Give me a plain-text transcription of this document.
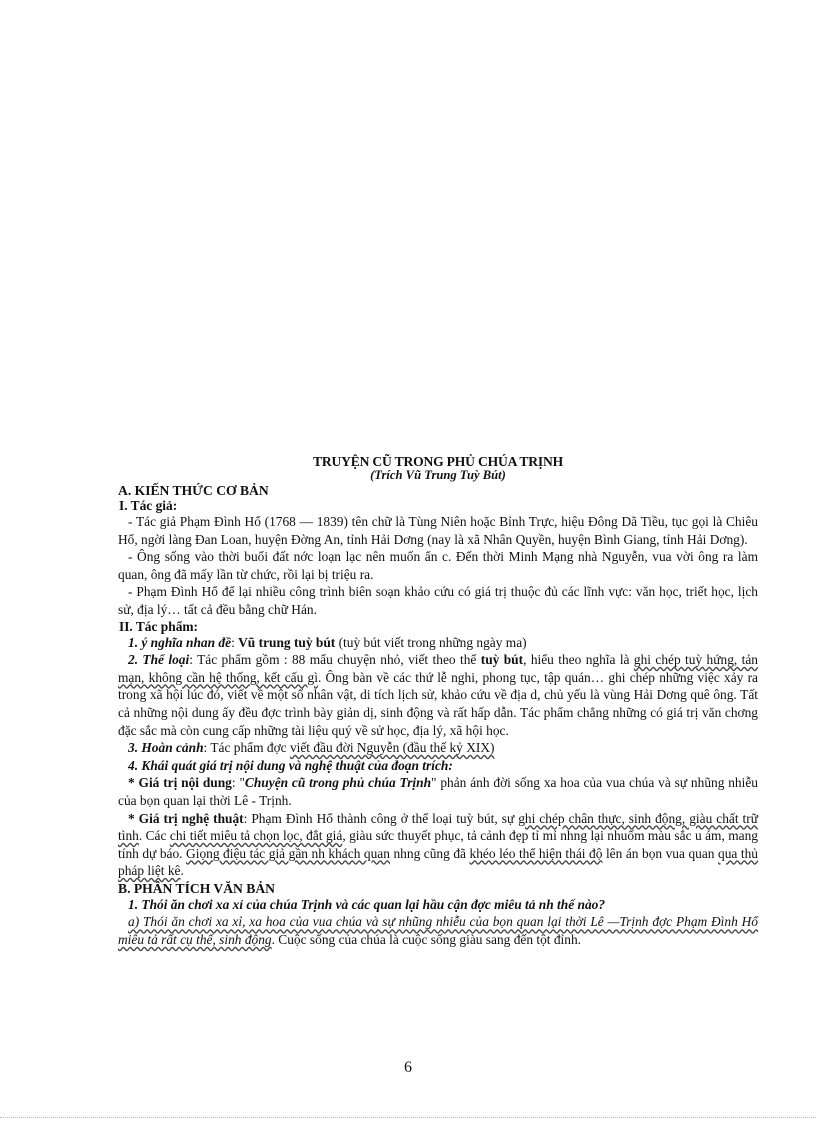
TRUYỆN CŨ TRONG PHỦ CHÚA TRỊNH

(Trích Vũ Trung Tuỳ Bút)

A. KIẾN THỨC CƠ BẢN

I. Tác giả:

- Tác giả Phạm Đình Hổ (1768 — 1839) tên chữ là Tùng Niên hoặc Bỉnh Trực, hiệu Đông Dã Tiều, tục gọi là Chiêu Hổ, ngời làng Đan Loan, huyện Đờng An, tỉnh Hải Dơng (nay là xã Nhân Quyền, huyện Bình Giang, tỉnh Hải Dơng).

- Ông sống vào thời buổi đất nớc loạn lạc nên muốn ẩn c. Đến thời Minh Mạng nhà Nguyễn, vua vời ông ra làm quan, ông đã mấy lần từ chức, rồi lại bị triệu ra.

- Phạm Đình Hổ để lại nhiều công trình biên soạn khảo cứu có giá trị thuộc đủ các lĩnh vực: văn học, triết học, lịch sử, địa lý… tất cả đều bằng chữ Hán.

II. Tác phẩm:

1. ý nghĩa nhan đề: Vũ trung tuỳ bút (tuỳ bút viết trong những ngày ma)

2. Thể loại: Tác phẩm gồm : 88 mẩu chuyện nhỏ, viết theo thể tuỳ bút, hiểu theo nghĩa là ghi chép tuỳ hứng, tản mạn, không cần hệ thống, kết cấu gì. Ông bàn về các thứ lễ nghi, phong tục, tập quán… ghi chép những việc xảy ra trong xã hội lúc đó, viết về một số nhân vật, di tích lịch sử, khảo cứu về địa d, chủ yếu là vùng Hải Dơng quê ông. Tất cả những nội dung ấy đều đợc trình bày giản dị, sinh động và rất hấp dẫn. Tác phẩm chẳng những có giá trị văn chơng đặc sắc mà còn cung cấp những tài liệu quý về sử học, địa lý, xã hội học.

3. Hoàn cảnh: Tác phẩm đợc viết đầu đời Nguyễn (đầu thế kỷ XIX)

4. Khái quát giá trị nội dung và nghệ thuật của đoạn trích:

* Giá trị nội dung: "Chuyện cũ trong phủ chúa Trịnh" phản ánh đời sống xa hoa của vua chúa và sự nhũng nhiễu của bọn quan lại thời Lê - Trịnh.

* Giá trị nghệ thuật: Phạm Đình Hổ thành công ở thể loại tuỳ bút, sự ghi chép chân thực, sinh động, giàu chất trữ tình. Các chi tiết miêu tả chọn lọc, đắt giá, giàu sức thuyết phục, tả cảnh đẹp tỉ mỉ nhng lại nhuốm màu sắc u ám, mang tính dự báo. Giọng điệu tác giả gần nh khách quan nhng cũng đã khéo léo thể hiện thái độ lên án bọn vua quan qua thủ pháp liệt kê.

B. PHÂN TÍCH VĂN BẢN

1. Thói ăn chơi xa xỉ của chúa Trịnh và các quan lại hầu cận đợc miêu tả nh thế nào?

a) Thói ăn chơi xa xỉ, xa hoa của vua chúa và sự nhũng nhiễu của bọn quan lại thời Lê —Trịnh đợc Phạm Đình Hổ miêu tả rất cụ thể, sinh động. Cuộc sống của chúa là cuộc sống giàu sang đến tột đỉnh.

6
